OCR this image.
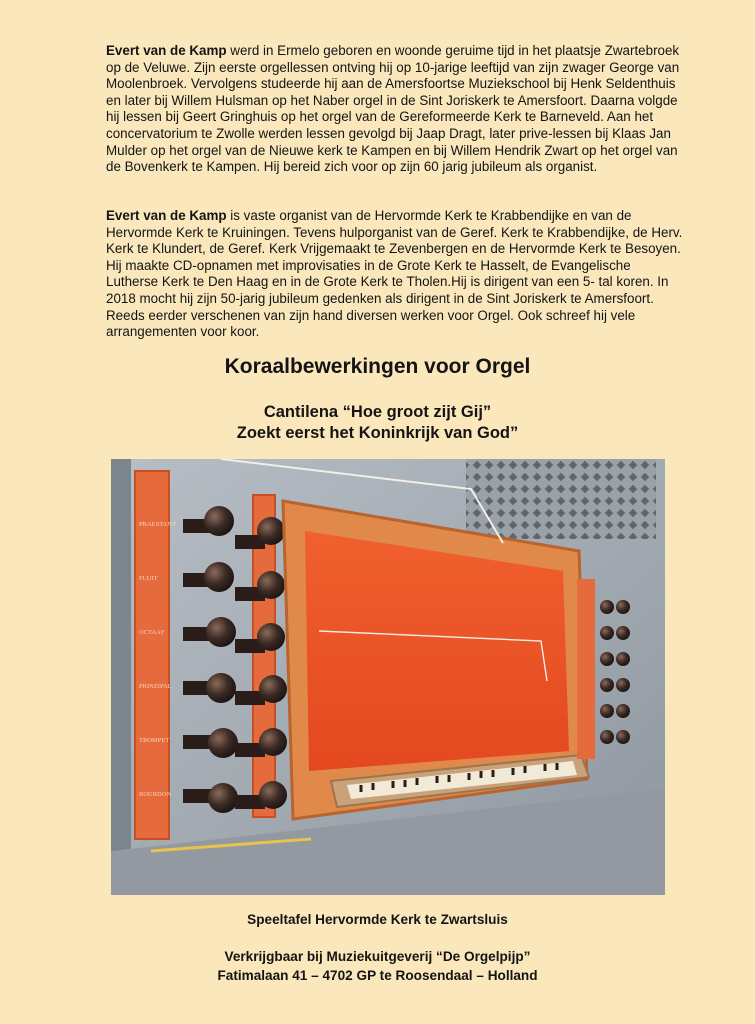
Evert van de Kamp werd in Ermelo geboren en woonde geruime tijd in het plaatsje Zwartebroek op de Veluwe. Zijn eerste orgellessen ontving hij op 10-jarige leeftijd van zijn zwager George van Moolenbroek. Vervolgens studeerde hij aan de Amersfoortse Muziekschool bij Henk Seldenthuis en later bij Willem Hulsman op het Naber orgel in de Sint Joriskerk te Amersfoort. Daarna volgde hij lessen bij Geert Gringhuis op het orgel van de Gereformeerde Kerk te Barneveld. Aan het concervatorium te Zwolle werden lessen gevolgd bij Jaap Dragt, later prive-lessen bij Klaas Jan Mulder op het orgel van de Nieuwe kerk te Kampen en bij Willem Hendrik Zwart op het orgel van de Bovenkerk te Kampen. Hij bereid zich voor op zijn 60 jarig jubileum als organist.

Evert van de Kamp is vaste organist van de Hervormde Kerk te Krabbendijke en van de Hervormde Kerk te Kruiningen. Tevens hulporganist van de Geref. Kerk te Krabbendijke, de Herv. Kerk te Klundert, de Geref. Kerk Vrijgemaakt te Zevenbergen en de Hervormde Kerk te Besoyen. Hij maakte CD-opnamen met improvisaties in de Grote Kerk te Hasselt, de Evangelische Lutherse Kerk te Den Haag en in de Grote Kerk te Tholen.Hij is dirigent van een 5- tal koren. In 2018 mocht hij zijn 50-jarig jubileum gedenken als dirigent in de Sint Joriskerk te Amersfoort. Reeds eerder verschenen van zijn hand diversen werken voor Orgel. Ook schreef hij vele arrangementen voor koor.

Koraalbewerkingen voor Orgel
Cantilena “Hoe groot zijt Gij”
Zoekt eerst het Koninkrijk van God”
PRAESTANT
FLUIT
OCTAAF
PRINZIPAL
TROMPET
BOURDON

Speeltafel Hervormde Kerk te Zwartsluis

Verkrijgbaar bij Muziekuitgeverij “De Orgelpijp”
Fatimalaan 41 – 4702 GP te Roosendaal – Holland
